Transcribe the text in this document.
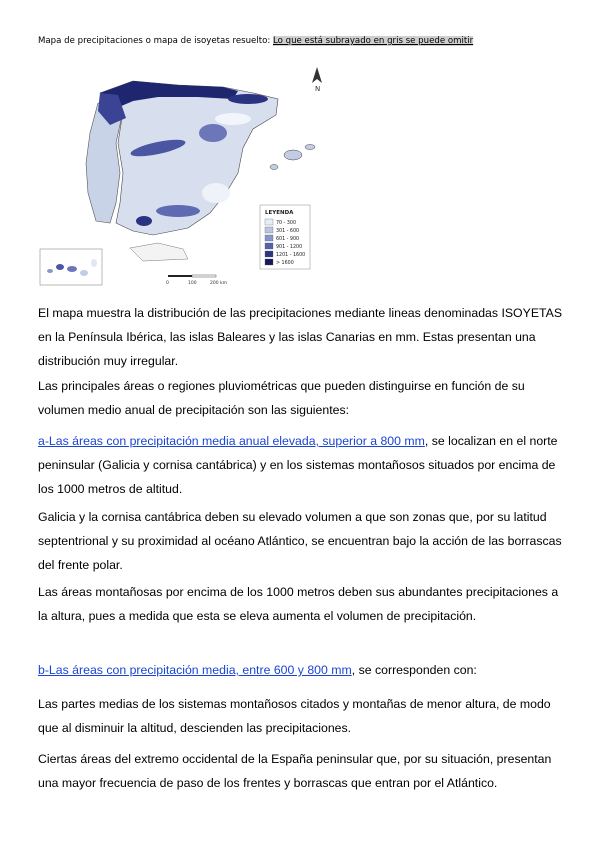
Mapa de precipitaciones o mapa de isoyetas resuelto: Lo que está subrayado en gris se puede omitir
N
LEYENDA
70 - 300
301 - 600
601 - 900
901 - 1200
1201 - 1600
> 1600
0	100	200 km

El mapa muestra la distribución de las precipitaciones mediante lineas denominadas ISOYETAS en la Península Ibérica, las islas Baleares y las islas Canarias en mm. Estas presentan una distribución muy irregular.

Las principales áreas o regiones pluviométricas que pueden distinguirse en función de su volumen medio anual de precipitación son las siguientes:

a-Las áreas con precipitación media anual elevada, superior a 800 mm, se localizan en el norte peninsular (Galicia y cornisa cantábrica) y en los sistemas montañosos situados por encima de los 1000 metros de altitud.

Galicia y la cornisa cantábrica deben su elevado volumen a que son zonas que, por su latitud septentrional y su proximidad al océano Atlántico, se encuentran bajo la acción de las borrascas del frente polar.

Las áreas montañosas por encima de los 1000 metros deben sus abundantes precipitaciones a la altura, pues a medida que esta se eleva aumenta el volumen de precipitación.

b-Las áreas con precipitación media, entre 600 y 800 mm, se corresponden con:

Las partes medias de los sistemas montañosos citados y montañas de menor altura, de modo que al disminuir la altitud, descienden las precipitaciones.

Ciertas áreas del extremo occidental de la España peninsular que, por su situación, presentan una mayor frecuencia de paso de los frentes y borrascas que entran por el Atlántico.
